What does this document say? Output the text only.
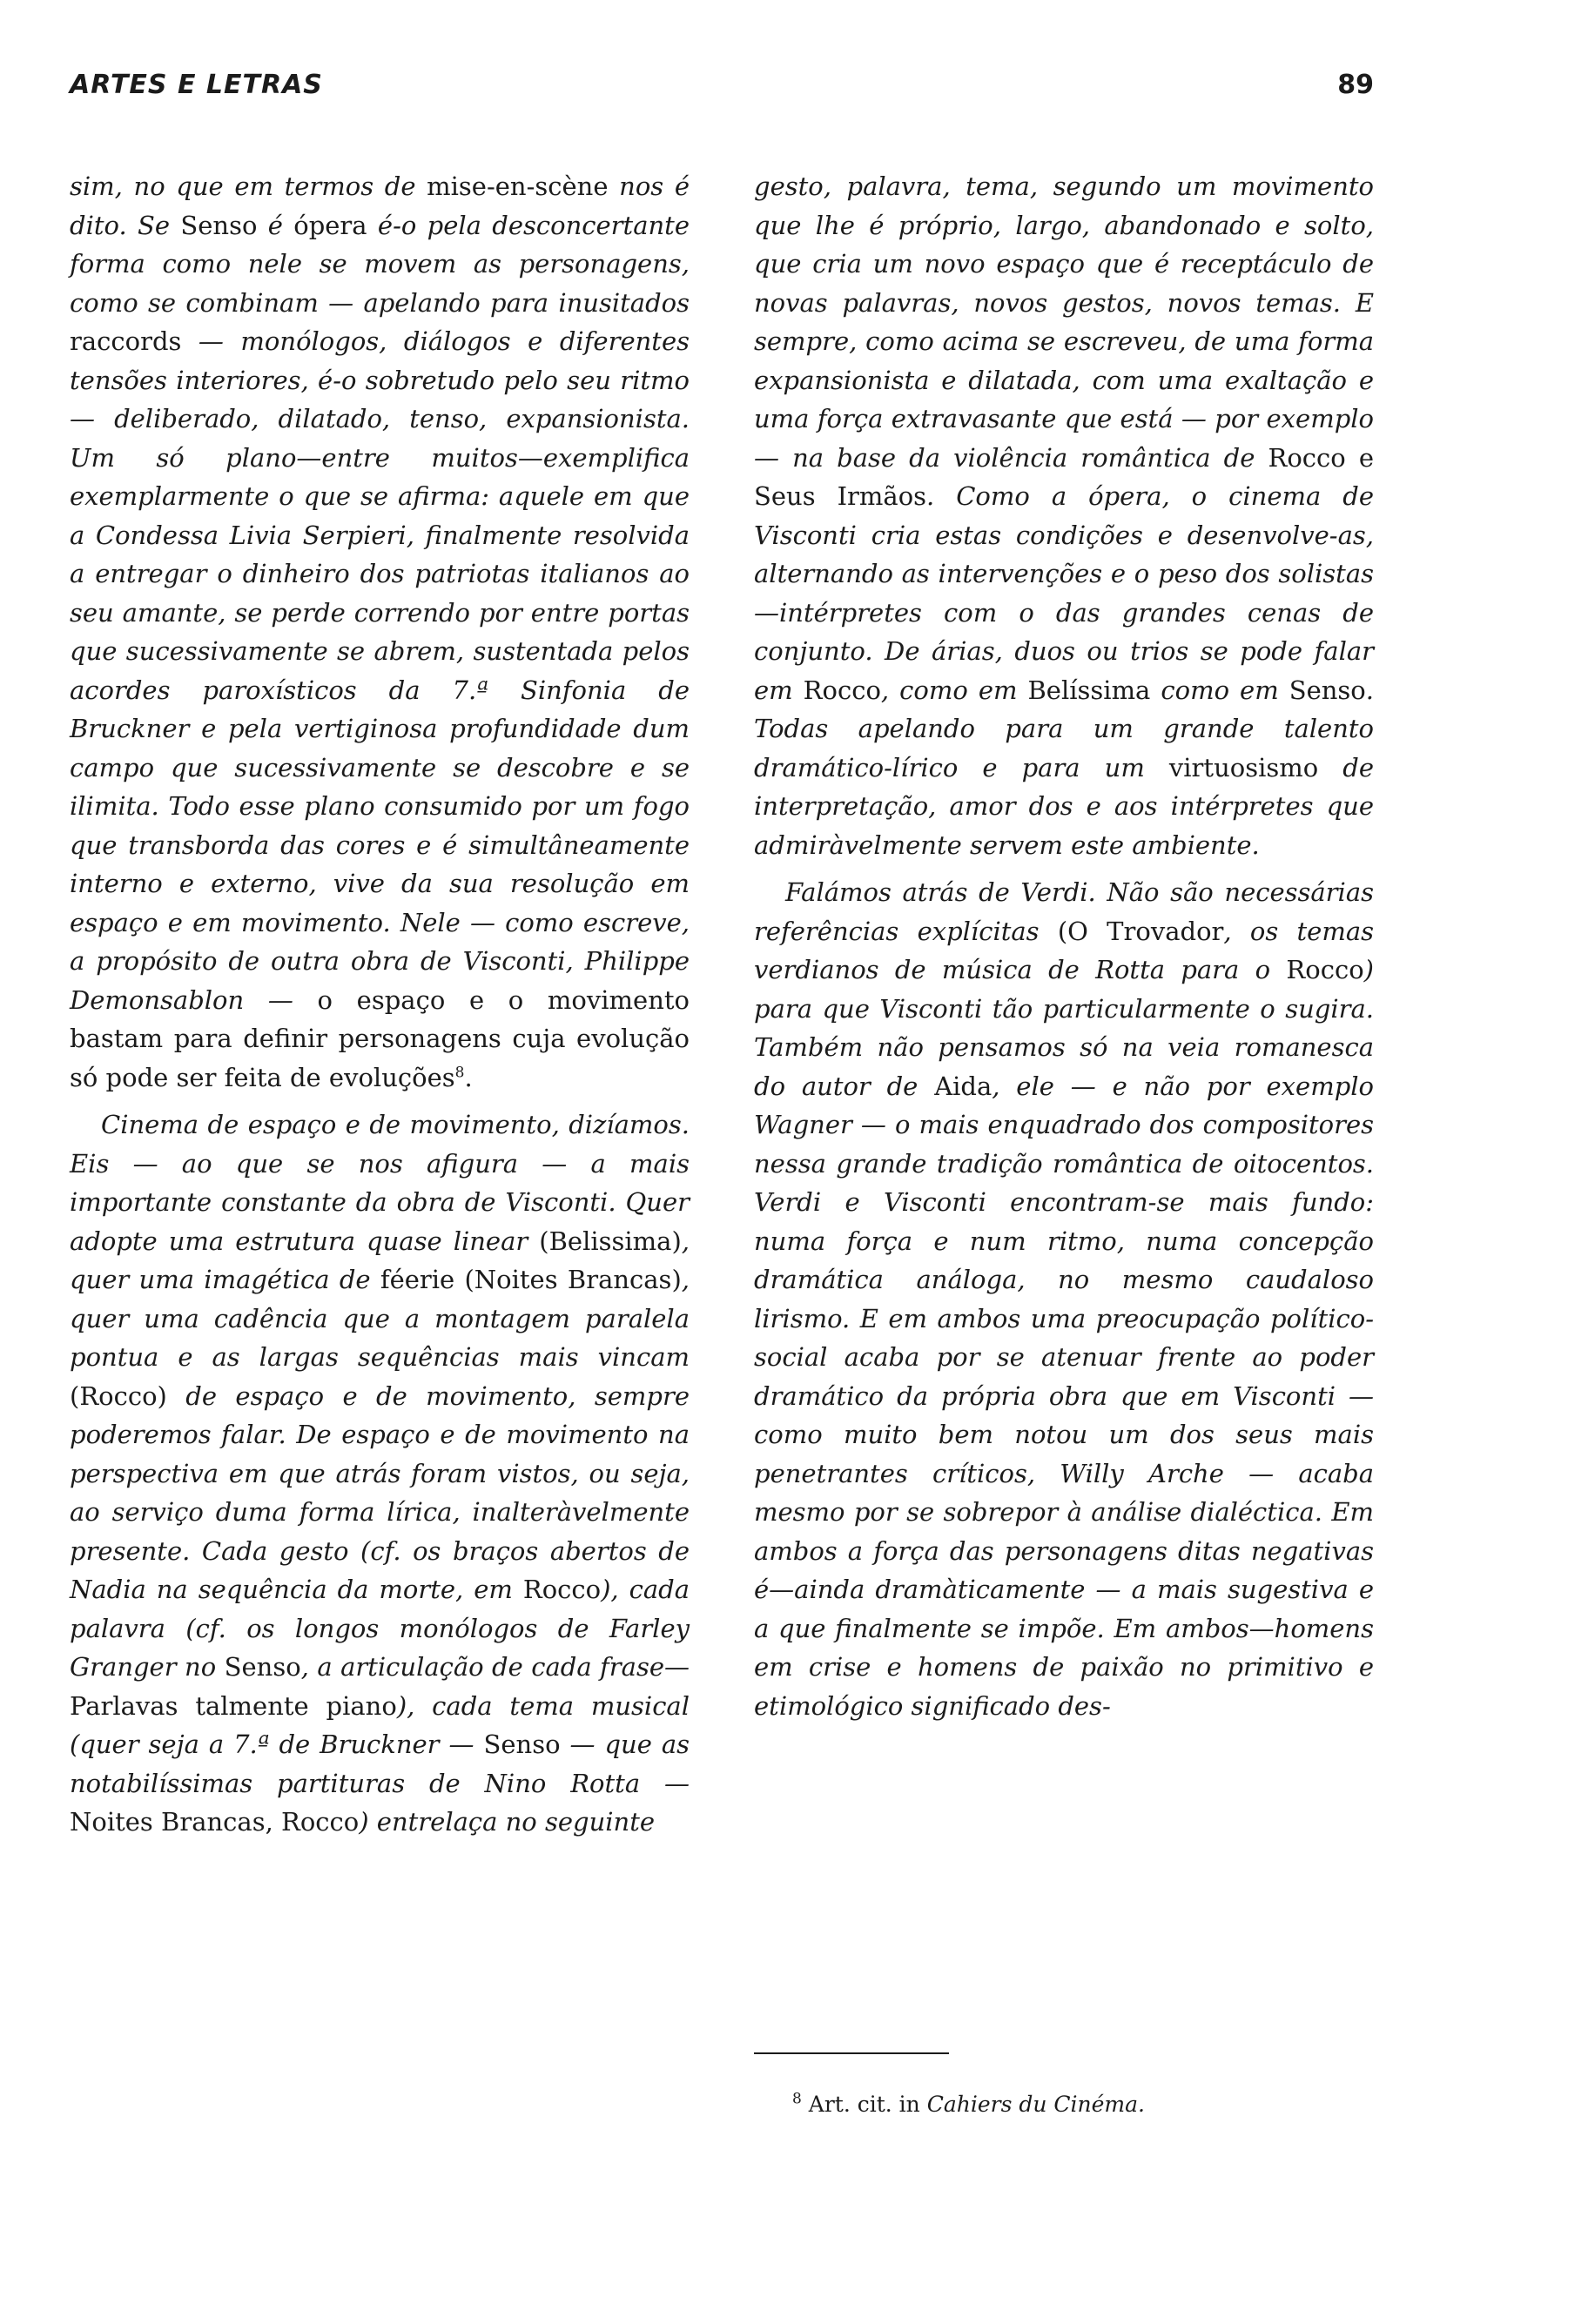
ARTES E LETRAS	89

sim, no que em termos de mise-en-scène nos é dito. Se Senso é ópera é-o pela desconcertante forma como nele se movem as personagens, como se combinam — apelando para inusitados raccords — monólogos, diálogos e diferentes tensões interiores, é-o sobretudo pelo seu ritmo — deliberado, dilatado, tenso, expansionista. Um só plano—entre muitos—exemplifica exemplarmente o que se afirma: aquele em que a Condessa Livia Serpieri, finalmente resolvida a entregar o dinheiro dos patriotas italianos ao seu amante, se perde correndo por entre portas que sucessivamente se abrem, sustentada pelos acordes paroxísticos da 7.ª Sinfonia de Bruckner e pela vertiginosa profundidade dum campo que sucessivamente se descobre e se ilimita. Todo esse plano consumido por um fogo que transborda das cores e é simultâneamente interno e externo, vive da sua resolução em espaço e em movimento. Nele — como escreve, a propósito de outra obra de Visconti, Philippe Demonsablon — o espaço e o movimento bastam para definir personagens cuja evolução só pode ser feita de evoluções$^8$.

Cinema de espaço e de movimento, dizíamos. Eis — ao que se nos afigura — a mais importante constante da obra de Visconti. Quer adopte uma estrutura quase linear (Belissima), quer uma imagética de féerie (Noites Brancas), quer uma cadência que a montagem paralela pontua e as largas sequências mais vincam (Rocco) de espaço e de movimento, sempre poderemos falar. De espaço e de movimento na perspectiva em que atrás foram vistos, ou seja, ao serviço duma forma lírica, inalteràvelmente presente. Cada gesto (cf. os braços abertos de Nadia na sequência da morte, em Rocco), cada palavra (cf. os longos monólogos de Farley Granger no Senso, a articulação de cada frase—Parlavas talmente piano), cada tema musical (quer seja a 7.ª de Bruckner — Senso — que as notabilíssimas partituras de Nino Rotta — Noites Brancas, Rocco) entrelaça no seguinte

gesto, palavra, tema, segundo um movimento que lhe é próprio, largo, abandonado e solto, que cria um novo espaço que é receptáculo de novas palavras, novos gestos, novos temas. E sempre, como acima se escreveu, de uma forma expansionista e dilatada, com uma exaltação e uma força extravasante que está — por exemplo — na base da violência romântica de Rocco e Seus Irmãos. Como a ópera, o cinema de Visconti cria estas condições e desenvolve-as, alternando as intervenções e o peso dos solistas—intérpretes com o das grandes cenas de conjunto. De árias, duos ou trios se pode falar em Rocco, como em Belíssima como em Senso. Todas apelando para um grande talento dramático-lírico e para um virtuosismo de interpretação, amor dos e aos intérpretes que admiràvelmente servem este ambiente.

Falámos atrás de Verdi. Não são necessárias referências explícitas (O Trovador, os temas verdianos de música de Rotta para o Rocco) para que Visconti tão particularmente o sugira. Também não pensamos só na veia romanesca do autor de Aida, ele — e não por exemplo Wagner — o mais enquadrado dos compositores nessa grande tradição romântica de oitocentos. Verdi e Visconti encontram-se mais fundo: numa força e num ritmo, numa concepção dramática análoga, no mesmo caudaloso lirismo. E em ambos uma preocupação político-social acaba por se atenuar frente ao poder dramático da própria obra que em Visconti — como muito bem notou um dos seus mais penetrantes críticos, Willy Arche — acaba mesmo por se sobrepor à análise dialéctica. Em ambos a força das personagens ditas negativas é—ainda dramàticamente — a mais sugestiva e a que finalmente se impõe. Em ambos—homens em crise e homens de paixão no primitivo e etimológico significado des-

$^8$ Art. cit. in Cahiers du Cinéma.
